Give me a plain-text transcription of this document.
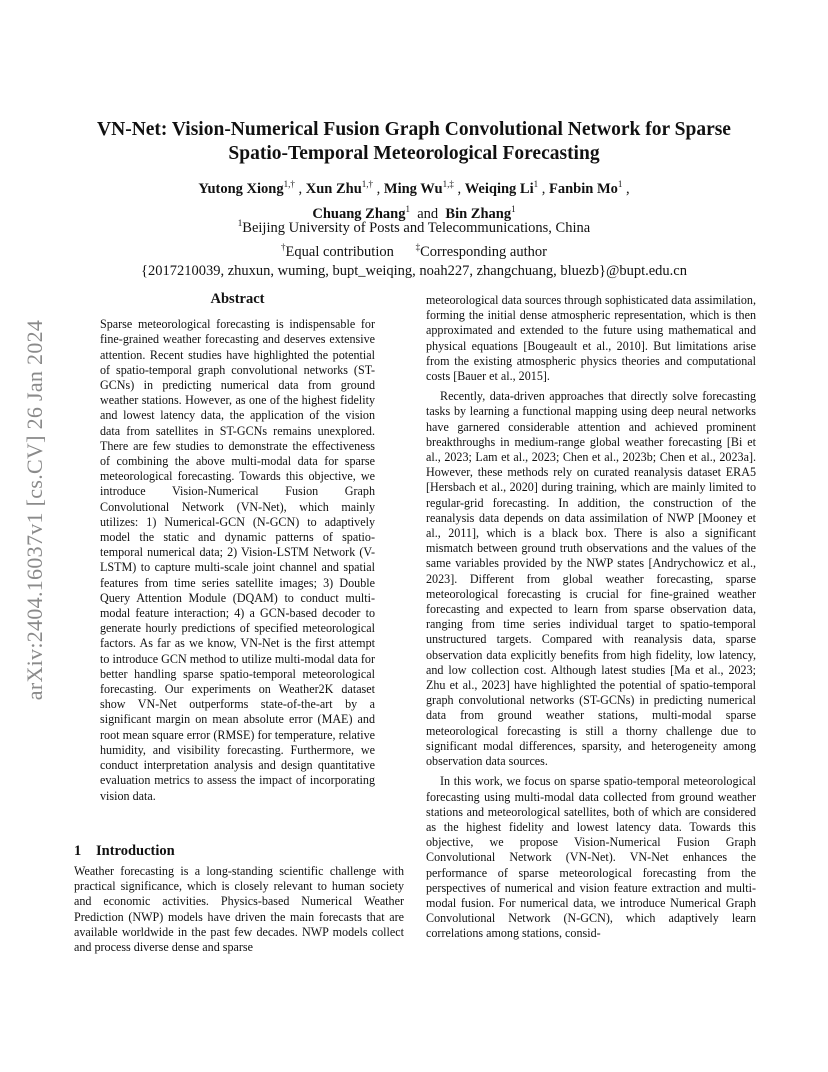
arXiv:2404.16037v1 [cs.CV] 26 Jan 2024
VN-Net: Vision-Numerical Fusion Graph Convolutional Network for Sparse
Spatio-Temporal Meteorological Forecasting
Yutong Xiong$^{1,\dagger}$ , Xun Zhu$^{1,\dagger}$ , Ming $Wu^{1,\ddagger}$ , Weiqing Li$^1$ , Fanbin Mo$^1$ ,
Chuang Zhang$^1$ and Bin Zhang$^1$
$^1$Beijing University of Posts and Telecommunications, China
†Equal contribution ‡Corresponding author
{2017210039, zhuxun, wuming, bupt_weiqing, noah227, zhangchuang, bluezb}@bupt.edu.cn
Abstract
Sparse meteorological forecasting is indispensable for fine-grained weather forecasting and deserves extensive attention. Recent studies have highlighted the potential of spatio-temporal graph convolutional networks (ST-GCNs) in predicting numerical data from ground weather stations. However, as one of the highest fidelity and lowest latency data, the application of the vision data from satellites in ST-GCNs remains unexplored. There are few studies to demonstrate the effectiveness of combining the above multi-modal data for sparse meteorological forecasting. Towards this objective, we introduce Vision-Numerical Fusion Graph Convolutional Network (VN-Net), which mainly utilizes: 1) Numerical-GCN (N-GCN) to adaptively model the static and dynamic patterns of spatio-temporal numerical data; 2) Vision-LSTM Network (V-LSTM) to capture multi-scale joint channel and spatial features from time series satellite images; 3) Double Query Attention Module (DQAM) to conduct multi-modal feature interaction; 4) a GCN-based decoder to generate hourly predictions of specified meteorological factors. As far as we know, VN-Net is the first attempt to introduce GCN method to utilize multi-modal data for better handling sparse spatio-temporal meteorological forecasting. Our experiments on Weather2K dataset show VN-Net outperforms state-of-the-art by a significant margin on mean absolute error (MAE) and root mean square error (RMSE) for temperature, relative humidity, and visibility forecasting. Furthermore, we conduct interpretation analysis and design quantitative evaluation metrics to assess the impact of incorporating vision data.
1 Introduction

Weather forecasting is a long-standing scientific challenge with practical significance, which is closely relevant to human society and economic activities. Physics-based Numerical Weather Prediction (NWP) models have driven the main forecasts that are available worldwide in the past few decades. NWP models collect and process diverse dense and sparse

meteorological data sources through sophisticated data assimilation, forming the initial dense atmospheric representation, which is then approximated and extended to the future using mathematical and physical equations [Bougeault et al., 2010]. But limitations arise from the existing atmospheric physics theories and computational costs [Bauer et al., 2015].

Recently, data-driven approaches that directly solve forecasting tasks by learning a functional mapping using deep neural networks have garnered considerable attention and achieved prominent breakthroughs in medium-range global weather forecasting [Bi et al., 2023; Lam et al., 2023; Chen et al., 2023b; Chen et al., 2023a]. However, these methods rely on curated reanalysis dataset ERA5 [Hersbach et al., 2020] during training, which are mainly limited to regular-grid forecasting. In addition, the construction of the reanalysis data depends on data assimilation of NWP [Mooney et al., 2011], which is a black box. There is also a significant mismatch between ground truth observations and the values of the same variables provided by the NWP states [Andrychowicz et al., 2023]. Different from global weather forecasting, sparse meteorological forecasting is crucial for fine-grained weather forecasting and expected to learn from sparse observation data, ranging from time series individual target to spatio-temporal unstructured targets. Compared with reanalysis data, sparse observation data explicitly benefits from high fidelity, low latency, and low collection cost. Although latest studies [Ma et al., 2023; Zhu et al., 2023] have highlighted the potential of spatio-temporal graph convolutional networks (ST-GCNs) in predicting numerical data from ground weather stations, multi-modal sparse meteorological forecasting is still a thorny challenge due to significant modal differences, sparsity, and heterogeneity among observation data sources.

In this work, we focus on sparse spatio-temporal meteorological forecasting using multi-modal data collected from ground weather stations and meteorological satellites, both of which are considered as the highest fidelity and lowest latency data. Towards this objective, we propose Vision-Numerical Fusion Graph Convolutional Network (VN-Net). VN-Net enhances the performance of sparse meteorological forecasting from the perspectives of numerical and vision feature extraction and multi-modal fusion. For numerical data, we introduce Numerical Graph Convolutional Network (N-GCN), which adaptively learn correlations among stations, consid-
